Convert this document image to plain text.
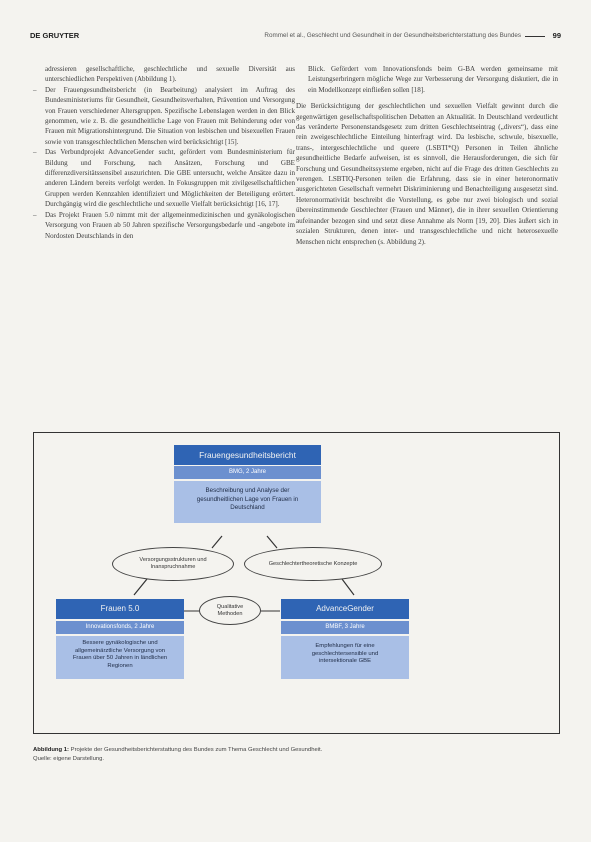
DE GRUYTER	Rommel et al., Geschlecht und Gesundheit in der Gesundheitsberichterstattung des Bundes	99

adressieren gesellschaftliche, geschlechtliche und sexuelle Diversität aus unterschiedlichen Perspektiven (Abbildung 1).

– Der Frauengesundheitsbericht (in Bearbeitung) analysiert im Auftrag des Bundesministeriums für Gesundheit, Gesundheitsverhalten, Prävention und Versorgung von Frauen verschiedener Altersgruppen. Spezifische Lebenslagen werden in den Blick genommen, wie z. B. die gesundheitliche Lage von Frauen mit Behinderung oder von Frauen mit Migrationshintergrund. Die Situation von lesbischen und bisexuellen Frauen sowie von transgeschlechtlichen Menschen wird berücksichtigt [15].

– Das Verbundprojekt AdvanceGender sucht, gefördert vom Bundesministerium für Bildung und Forschung, nach Ansätzen, Forschung und GBE differenzdiversitätssensibel auszurichten. Die GBE untersucht, welche Ansätze dazu in anderen Ländern bereits verfolgt werden. In Fokusgruppen mit zivilgesellschaftlichen Gruppen werden Kennzahlen identifiziert und Möglichkeiten der Beteiligung erörtert. Durchgängig wird die geschlechtliche und sexuelle Vielfalt berücksichtigt [16, 17].

– Das Projekt Frauen 5.0 nimmt mit der allgemeinmedizinischen und gynäkologischen Versorgung von Frauen ab 50 Jahren spezifische Versorgungsbedarfe und -angebote im Nordosten Deutschlands in den

Blick. Gefördert vom Innovationsfonds beim G-BA werden gemeinsame mit Leistungserbringern mögliche Wege zur Verbesserung der Versorgung diskutiert, die in ein Modellkonzept einfließen sollen [18].

Die Berücksichtigung der geschlechtlichen und sexuellen Vielfalt gewinnt durch die gegenwärtigen gesellschaftspolitischen Debatten an Aktualität. In Deutschland verdeutlicht das veränderte Personenstandsgesetz zum dritten Geschlechtseintrag („divers“), dass eine rein zweigeschlechtliche Einteilung hinterfragt wird. Da lesbische, schwule, bisexuelle, trans-, intergeschlechtliche und queere (LSBTI*Q) Personen in Teilen ähnliche gesundheitliche Bedarfe aufweisen, ist es sinnvoll, die Herausforderungen, die sich für Forschung und Gesundheitssysteme ergeben, nicht auf die Frage des dritten Geschlechts zu verengen. LSBTIQ-Personen teilen die Erfahrung, dass sie in einer heteronormativ ausgerichteten Gesellschaft vermehrt Diskriminierung und Benachteiligung ausgesetzt sind. Heteronormativität beschreibt die Vorstellung, es gebe nur zwei biologisch und sozial übereinstimmende Geschlechter (Frauen und Männer), die in ihrer sexuellen Orientierung aufeinander bezogen sind und setzt diese Annahme als Norm [19, 20]. Dies äußert sich in sozialen Strukturen, denen inter- und transgeschlechtliche und nicht heterosexuelle Menschen nicht entsprechen (s. Abbildung 2).

Frauengesundheitsbericht
BMG, 2 Jahre
Beschreibung und Analyse der gesundheitlichen Lage von Frauen in Deutschland
Versorgungsstrukturen und Inanspruchnahme
Geschlechtertheoretische Konzepte
Frauen 5.0
Innovationsfonds, 2 Jahre
Bessere gynäkologische und allgemeinärztliche Versorgung von Frauen über 50 Jahren in ländlichen Regionen
Qualitative Methoden
AdvanceGender
BMBF, 3 Jahre
Empfehlungen für eine geschlechtersensible und intersektionale GBE
Abbildung 1: Projekte der Gesundheitsberichterstattung des Bundes zum Thema Geschlecht und Gesundheit.
Quelle: eigene Darstellung.
